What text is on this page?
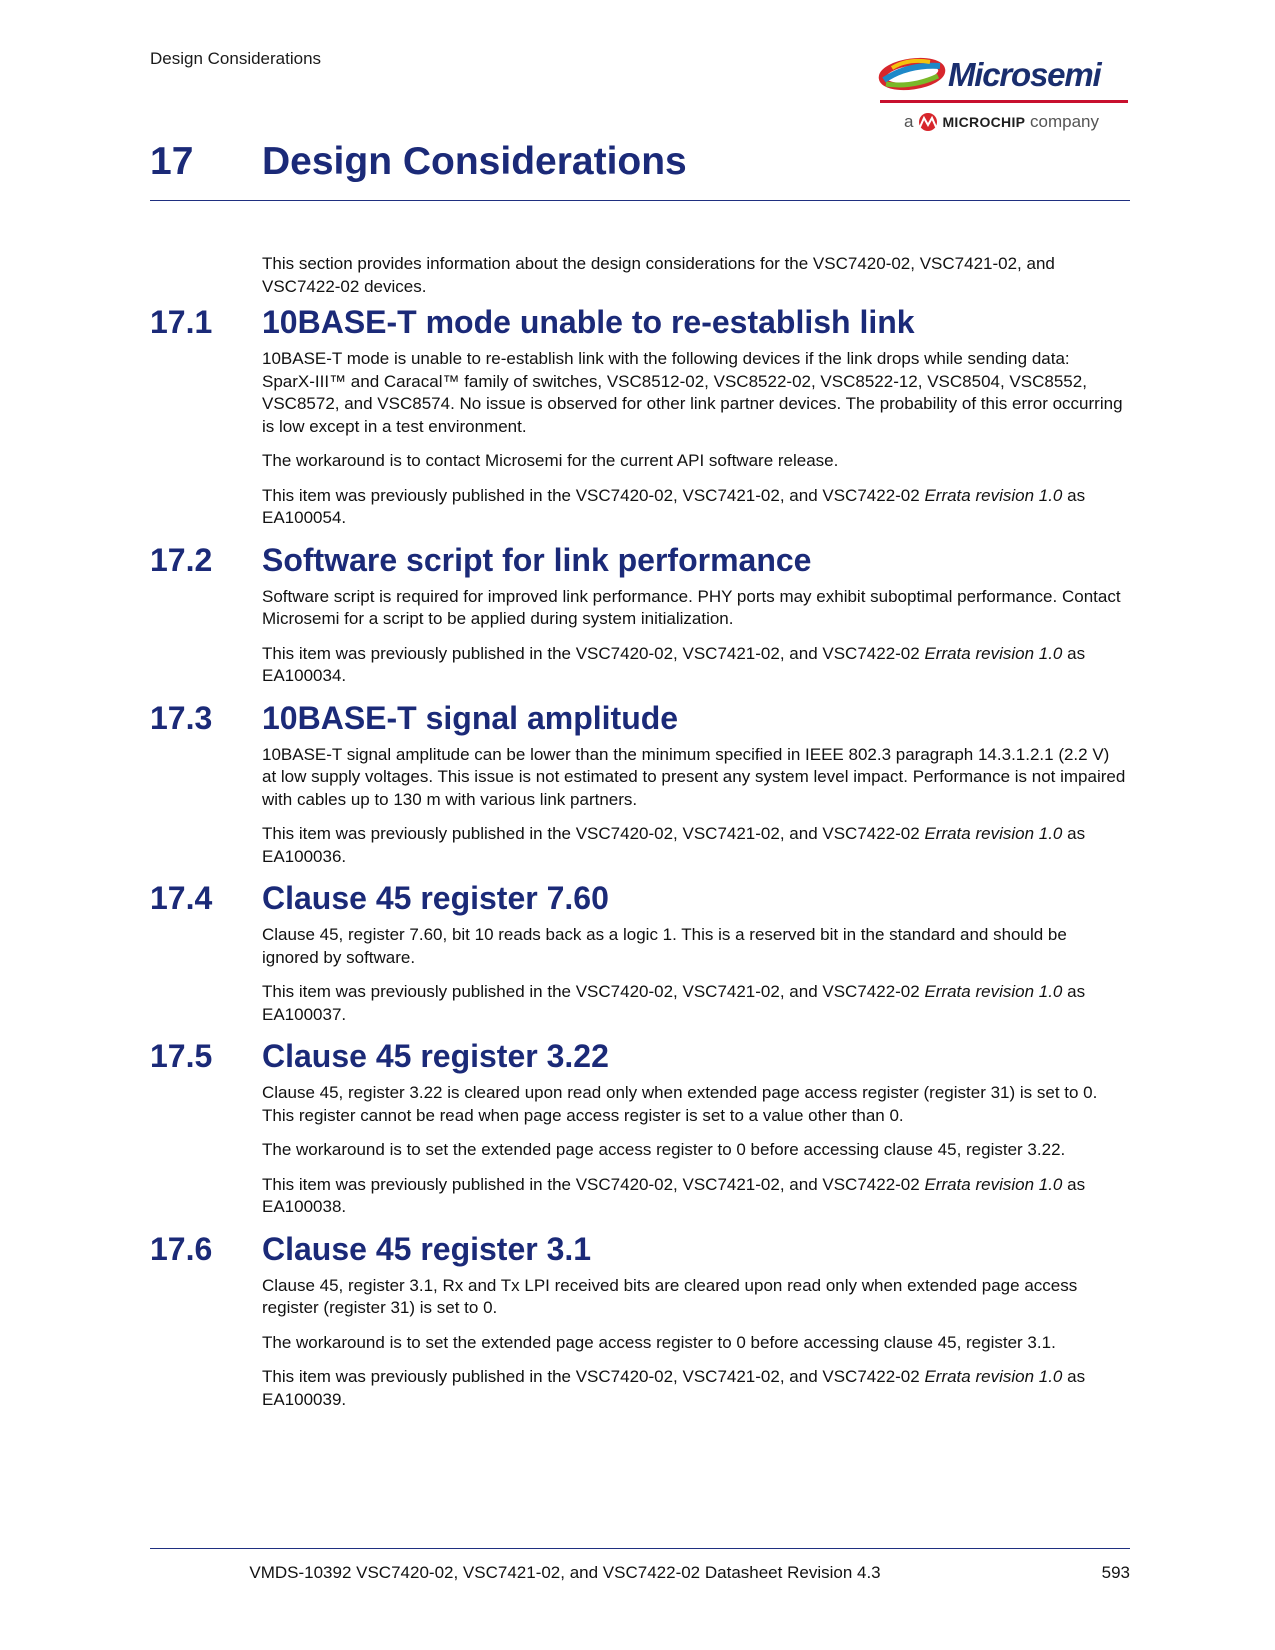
Design Considerations	Microsemi
a MICROCHIP company
17 Design Considerations

This section provides information about the design considerations for the VSC7420-02, VSC7421-02, and VSC7422-02 devices.

17.1 10BASE-T mode unable to re-establish link

10BASE-T mode is unable to re-establish link with the following devices if the link drops while sending data: SparX-III™ and Caracal™ family of switches, VSC8512-02, VSC8522-02, VSC8522-12, VSC8504, VSC8552, VSC8572, and VSC8574. No issue is observed for other link partner devices. The probability of this error occurring is low except in a test environment.

The workaround is to contact Microsemi for the current API software release.

This item was previously published in the VSC7420-02, VSC7421-02, and VSC7422-02 Errata revision 1.0 as EA100054.

17.2 Software script for link performance

Software script is required for improved link performance. PHY ports may exhibit suboptimal performance. Contact Microsemi for a script to be applied during system initialization.

This item was previously published in the VSC7420-02, VSC7421-02, and VSC7422-02 Errata revision 1.0 as EA100034.

17.3 10BASE-T signal amplitude

10BASE-T signal amplitude can be lower than the minimum specified in IEEE 802.3 paragraph 14.3.1.2.1 (2.2 V) at low supply voltages. This issue is not estimated to present any system level impact. Performance is not impaired with cables up to 130 m with various link partners.

This item was previously published in the VSC7420-02, VSC7421-02, and VSC7422-02 Errata revision 1.0 as EA100036.

17.4 Clause 45 register 7.60

Clause 45, register 7.60, bit 10 reads back as a logic 1. This is a reserved bit in the standard and should be ignored by software.

This item was previously published in the VSC7420-02, VSC7421-02, and VSC7422-02 Errata revision 1.0 as EA100037.

17.5 Clause 45 register 3.22

Clause 45, register 3.22 is cleared upon read only when extended page access register (register 31) is set to 0. This register cannot be read when page access register is set to a value other than 0.

The workaround is to set the extended page access register to 0 before accessing clause 45, register 3.22.

This item was previously published in the VSC7420-02, VSC7421-02, and VSC7422-02 Errata revision 1.0 as EA100038.

17.6 Clause 45 register 3.1

Clause 45, register 3.1, Rx and Tx LPI received bits are cleared upon read only when extended page access register (register 31) is set to 0.

The workaround is to set the extended page access register to 0 before accessing clause 45, register 3.1.

This item was previously published in the VSC7420-02, VSC7421-02, and VSC7422-02 Errata revision 1.0 as EA100039.

VMDS-10392 VSC7420-02, VSC7421-02, and VSC7422-02 Datasheet Revision 4.3	593
